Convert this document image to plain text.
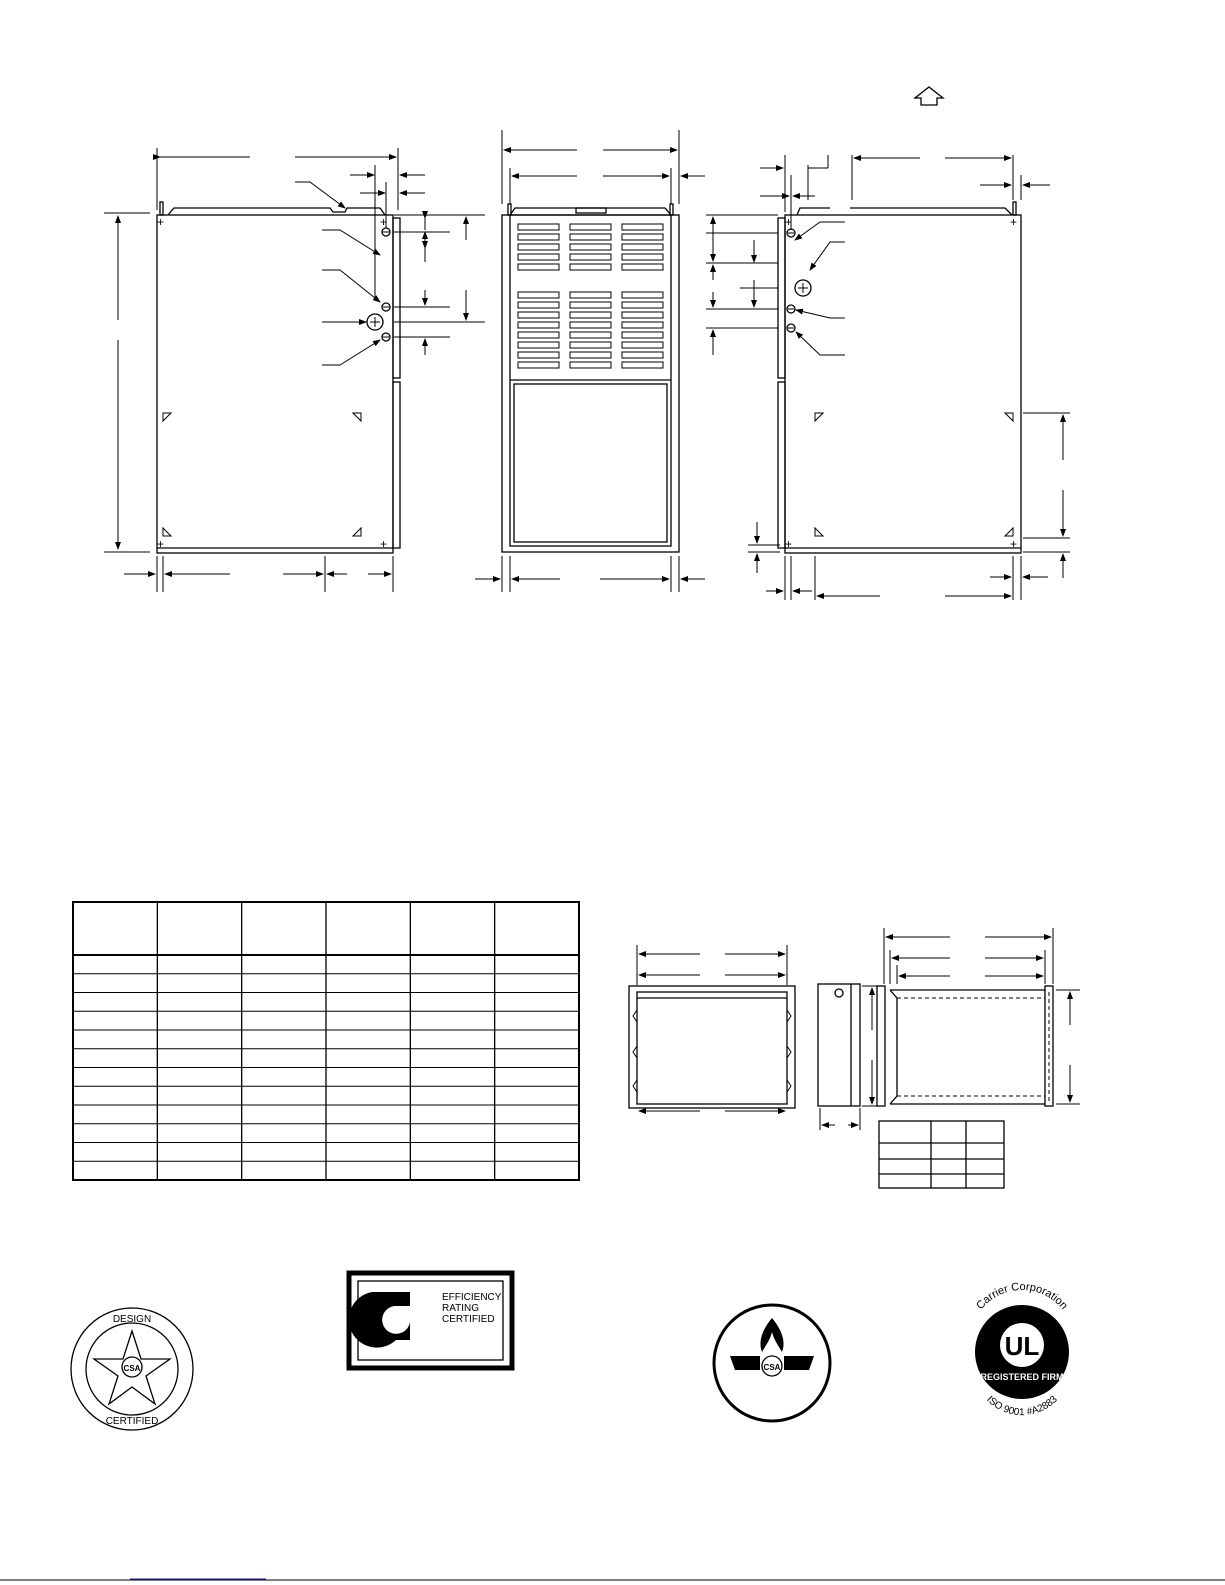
+	+
+	+
+	+
+	+
CSA
DESIGN
CERTIFIED
EFFICIENCY
RATING
CERTIFIED
CSA
Carrier Corporation
UL
REGISTERED FIRM
ISO 9001 #A2883
